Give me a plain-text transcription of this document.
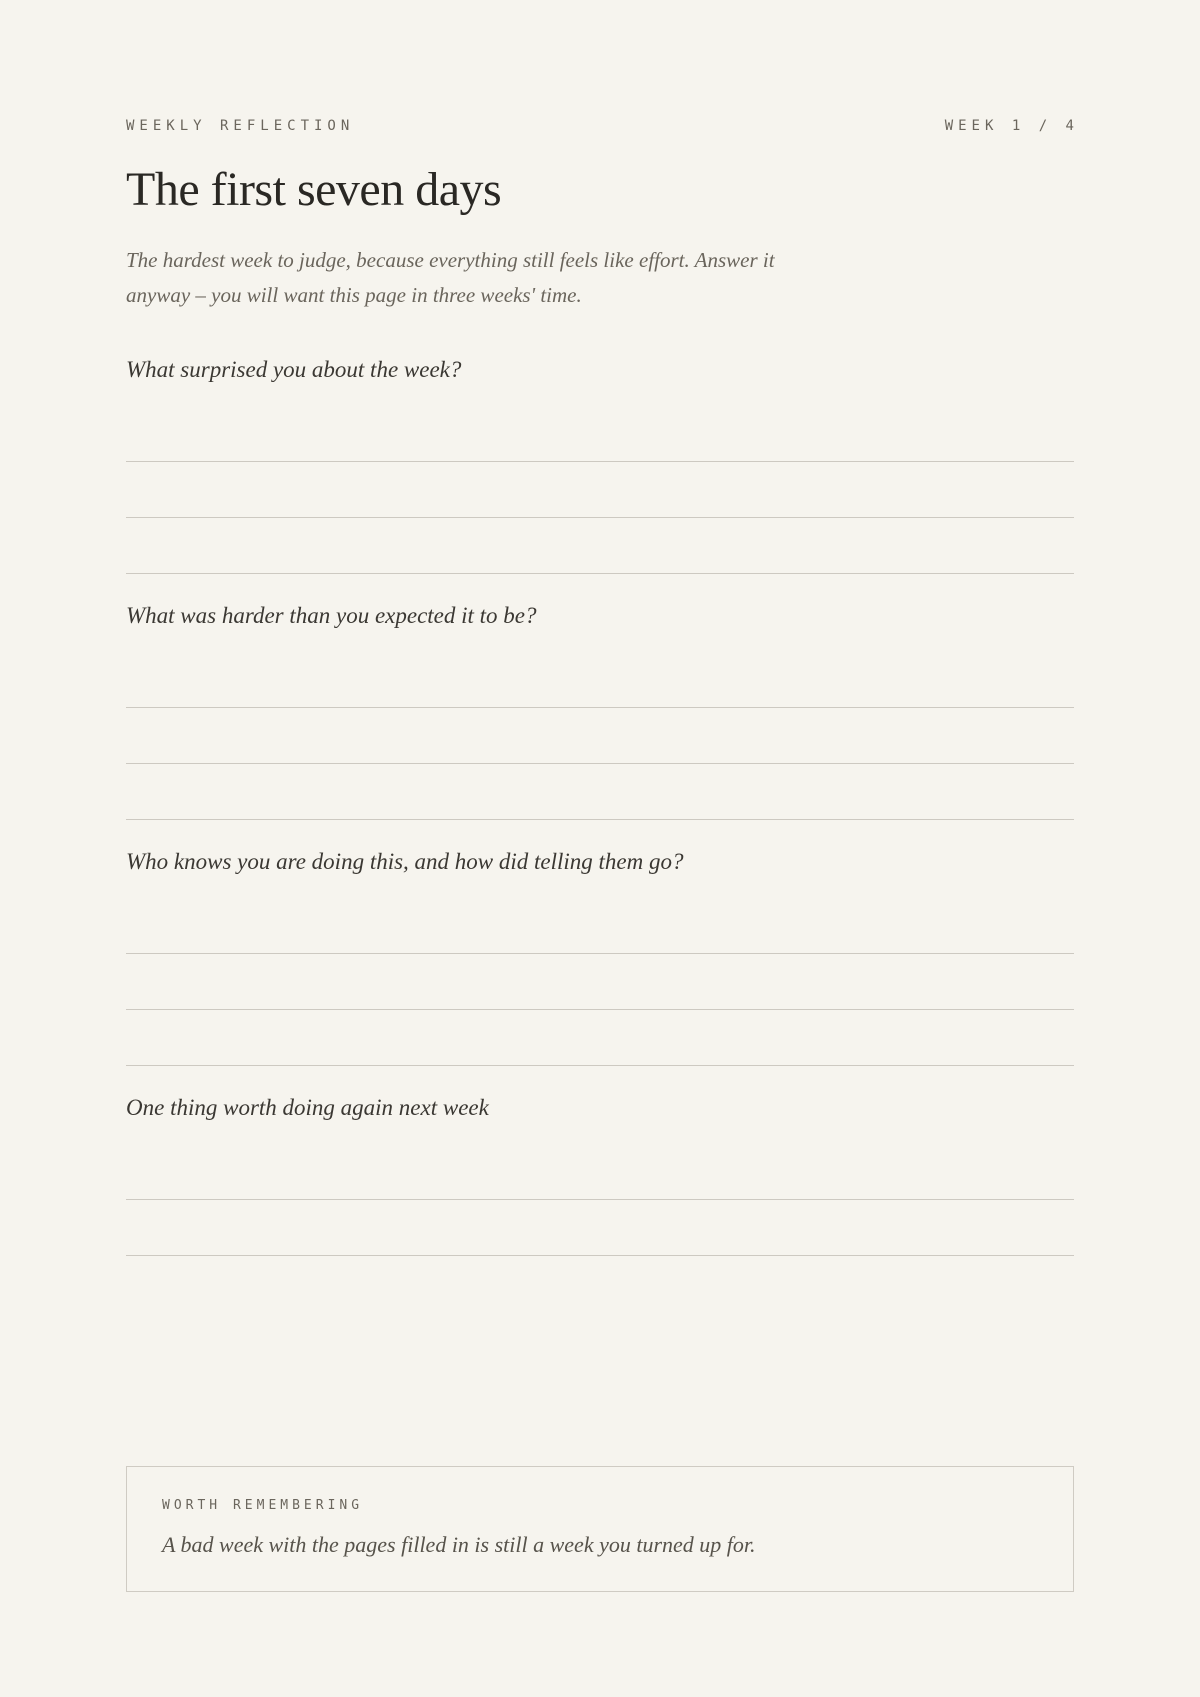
WEEKLY REFLECTION	WEEK 1 / 4
The first seven days

The hardest week to judge, because everything still feels like effort. Answer it anyway – you will want this page in three weeks' time.

What surprised you about the week?

What was harder than you expected it to be?

Who knows you are doing this, and how did telling them go?

One thing worth doing again next week

WORTH REMEMBERING
A bad week with the pages filled in is still a week you turned up for.
